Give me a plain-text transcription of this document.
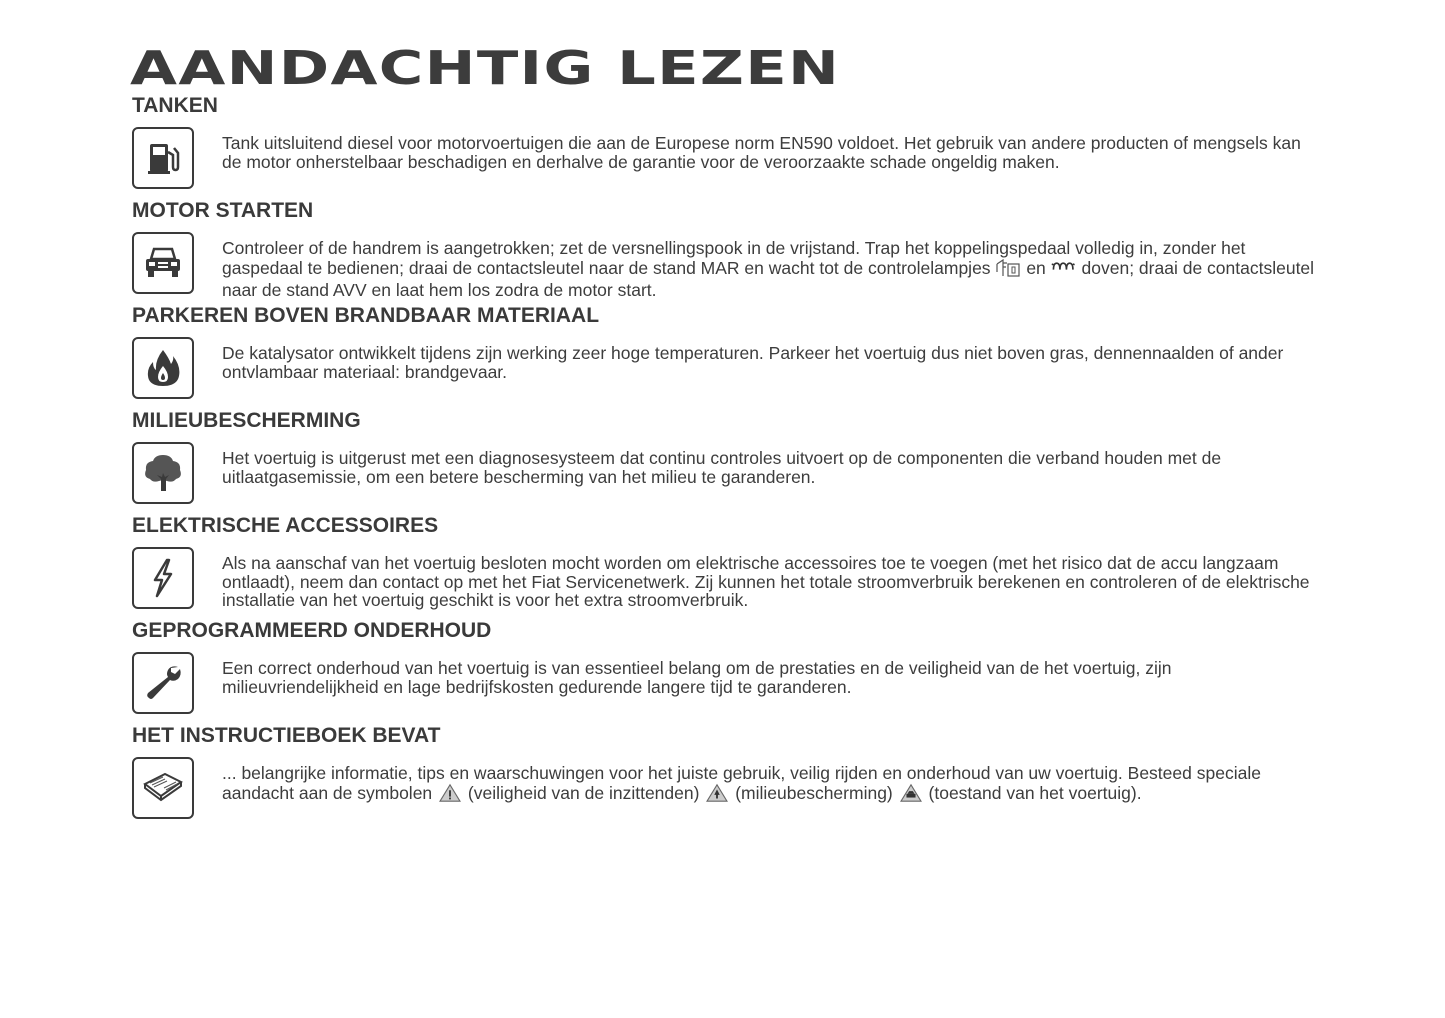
AANDACHTIG LEZEN
TANKEN

Tank uitsluitend diesel voor motorvoertuigen die aan de Europese norm EN590 voldoet. Het gebruik van andere producten of mengsels kan de motor onherstelbaar beschadigen en derhalve de garantie voor de veroorzaakte schade ongeldig maken.

MOTOR STARTEN

Controleer of de handrem is aangetrokken; zet de versnellingspook in de vrijstand. Trap het koppelingspedaal volledig in, zonder het gaspedaal te bedienen; draai de contactsleutel naar de stand MAR en wacht tot de controlelampjes en doven; draai de contactsleutel naar de stand AVV en laat hem los zodra de motor start.

PARKEREN BOVEN BRANDBAAR MATERIAAL

De katalysator ontwikkelt tijdens zijn werking zeer hoge temperaturen. Parkeer het voertuig dus niet boven gras, dennennaalden of ander ontvlambaar materiaal: brandgevaar.

MILIEUBESCHERMING

Het voertuig is uitgerust met een diagnosesysteem dat continu controles uitvoert op de componenten die verband houden met de uitlaatgasemissie, om een betere bescherming van het milieu te garanderen.

ELEKTRISCHE ACCESSOIRES

Als na aanschaf van het voertuig besloten mocht worden om elektrische accessoires toe te voegen (met het risico dat de accu langzaam ontlaadt), neem dan contact op met het Fiat Servicenetwerk. Zij kunnen het totale stroomverbruik berekenen en controleren of de elektrische installatie van het voertuig geschikt is voor het extra stroomverbruik.

GEPROGRAMMEERD ONDERHOUD

Een correct onderhoud van het voertuig is van essentieel belang om de prestaties en de veiligheid van de het voertuig, zijn milieuvriendelijkheid en lage bedrijfskosten gedurende langere tijd te garanderen.

HET INSTRUCTIEBOEK BEVAT

... belangrijke informatie, tips en waarschuwingen voor het juiste gebruik, veilig rijden en onderhoud van uw voertuig. Besteed speciale aandacht aan de symbolen (veiligheid van de inzittenden) (milieubescherming) (toestand van het voertuig).
